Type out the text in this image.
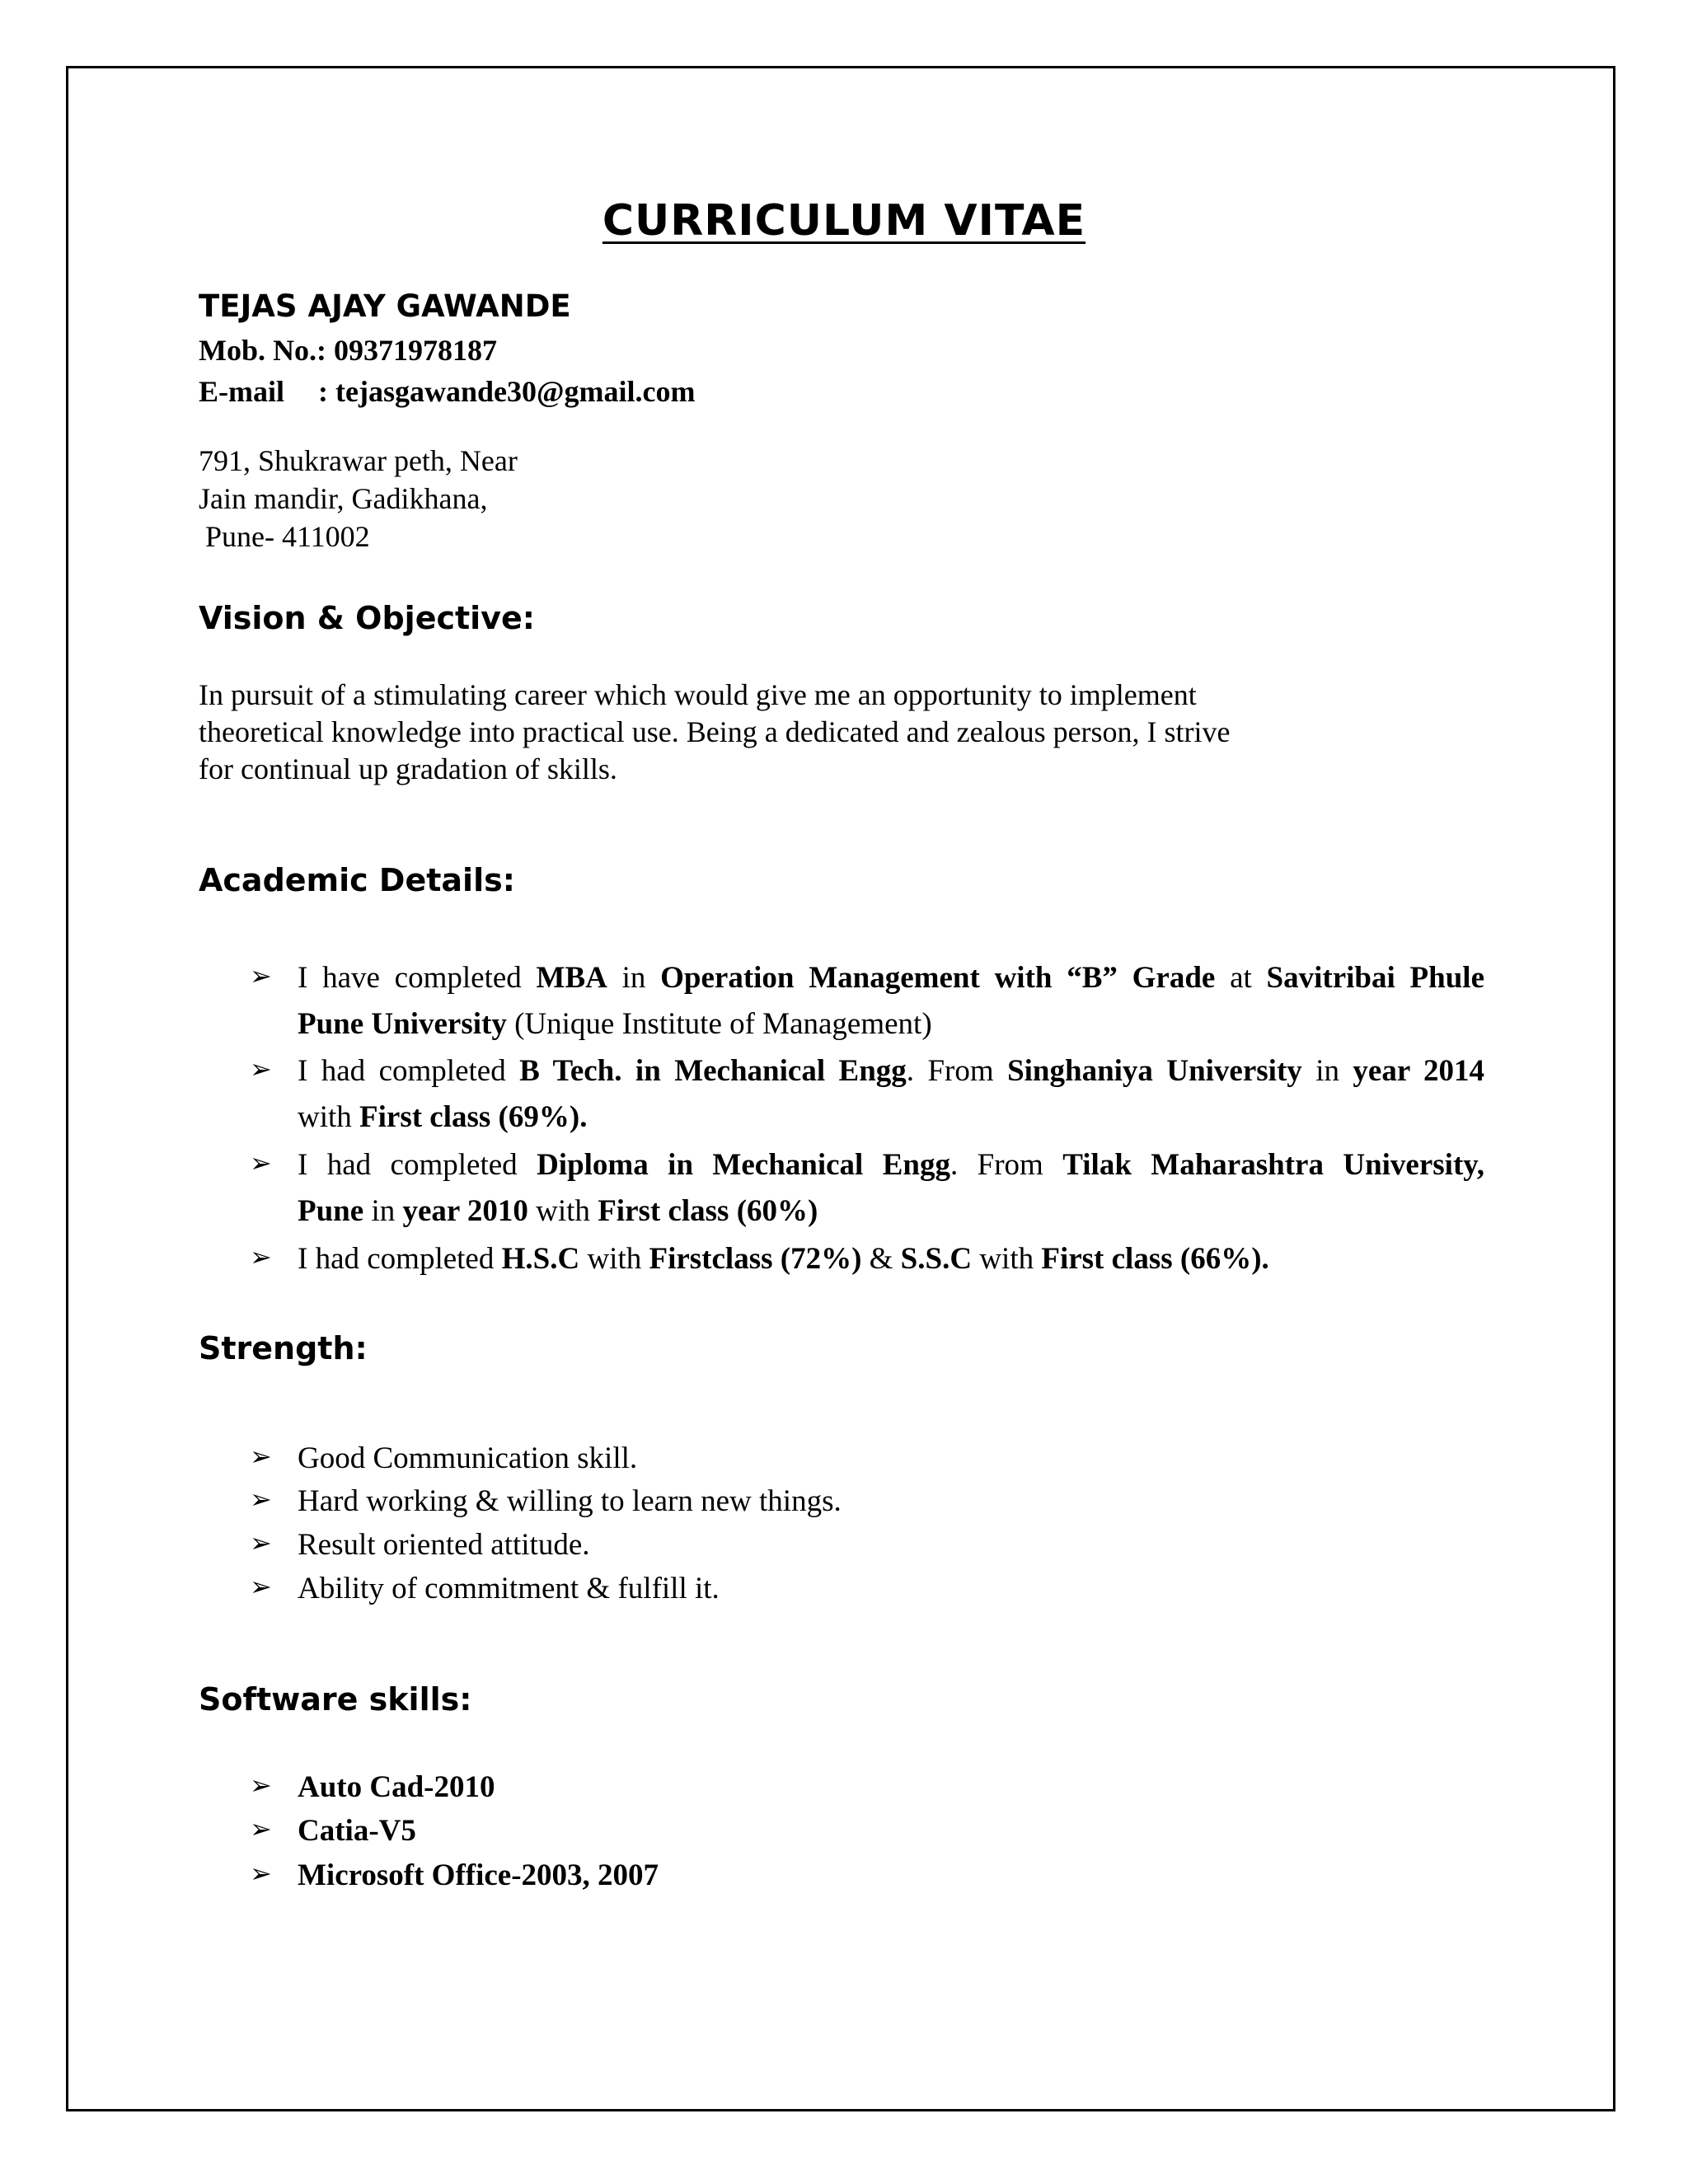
CURRICULUM VITAE
TEJAS AJAY GAWANDE
Mob. No.: 09371978187
E-mail : tejasgawande30@gmail.com
791, Shukrawar peth, Near
Jain mandir, Gadikhana,
Pune- 411002
Vision & Objective:
In pursuit of a stimulating career which would give me an opportunity to implement
theoretical knowledge into practical use. Being a dedicated and zealous person, I strive
for continual up gradation of skills.
Academic Details:
➢ I have completed MBA in Operation Management with “B” Grade at Savitribai Phule
Pune University (Unique Institute of Management)
➢ I had completed B Tech. in Mechanical Engg. From Singhaniya University in year 2014
with First class (69%).
➢ I had completed Diploma in Mechanical Engg. From Tilak Maharashtra University,
Pune in year 2010 with First class (60%)
➢ I had completed H.S.C with Firstclass (72%) & S.S.C with First class (66%).
Strength:
➢ Good Communication skill.
➢ Hard working & willing to learn new things.
➢ Result oriented attitude.
➢ Ability of commitment & fulfill it.
Software skills:
➢ Auto Cad-2010
➢ Catia-V5
➢ Microsoft Office-2003, 2007
